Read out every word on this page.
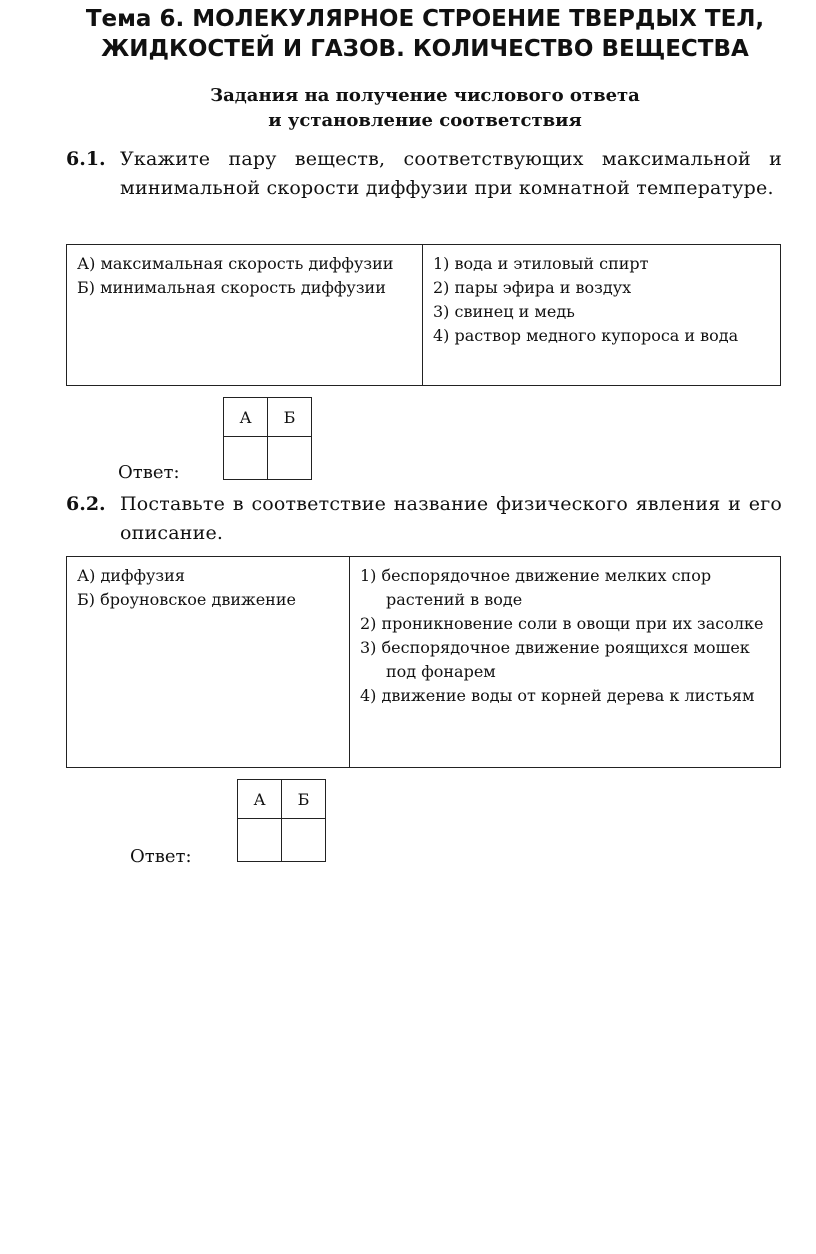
Тема 6. МОЛЕКУЛЯРНОЕ СТРОЕНИЕ ТВЕРДЫХ ТЕЛ,
ЖИДКОСТЕЙ И ГАЗОВ. КОЛИЧЕСТВО ВЕЩЕСТВА
Задания на получение числового ответа
и установление соответствия
6.1. Укажите пару веществ, соответствующих максимальной и минимальной скорости диффузии при комнатной температуре.
А) максимальная скорость диффузии
Б) минимальная скорость диффузии

1) вода и этиловый спирт
2) пары эфира и воздух
3) свинец и медь
4) раствор медного купороса и вода
Ответ:
А	Б

6.2. Поставьте в соответствие название физического явления и его описание.
А) диффузия
Б) броуновское движение

1) беспорядочное движение мелких спор растений в воде
2) проникновение соли в овощи при их засолке
3) беспорядочное движение роящихся мошек под фонарем
4) движение воды от корней дерева к листьям
Ответ:
А	Б
